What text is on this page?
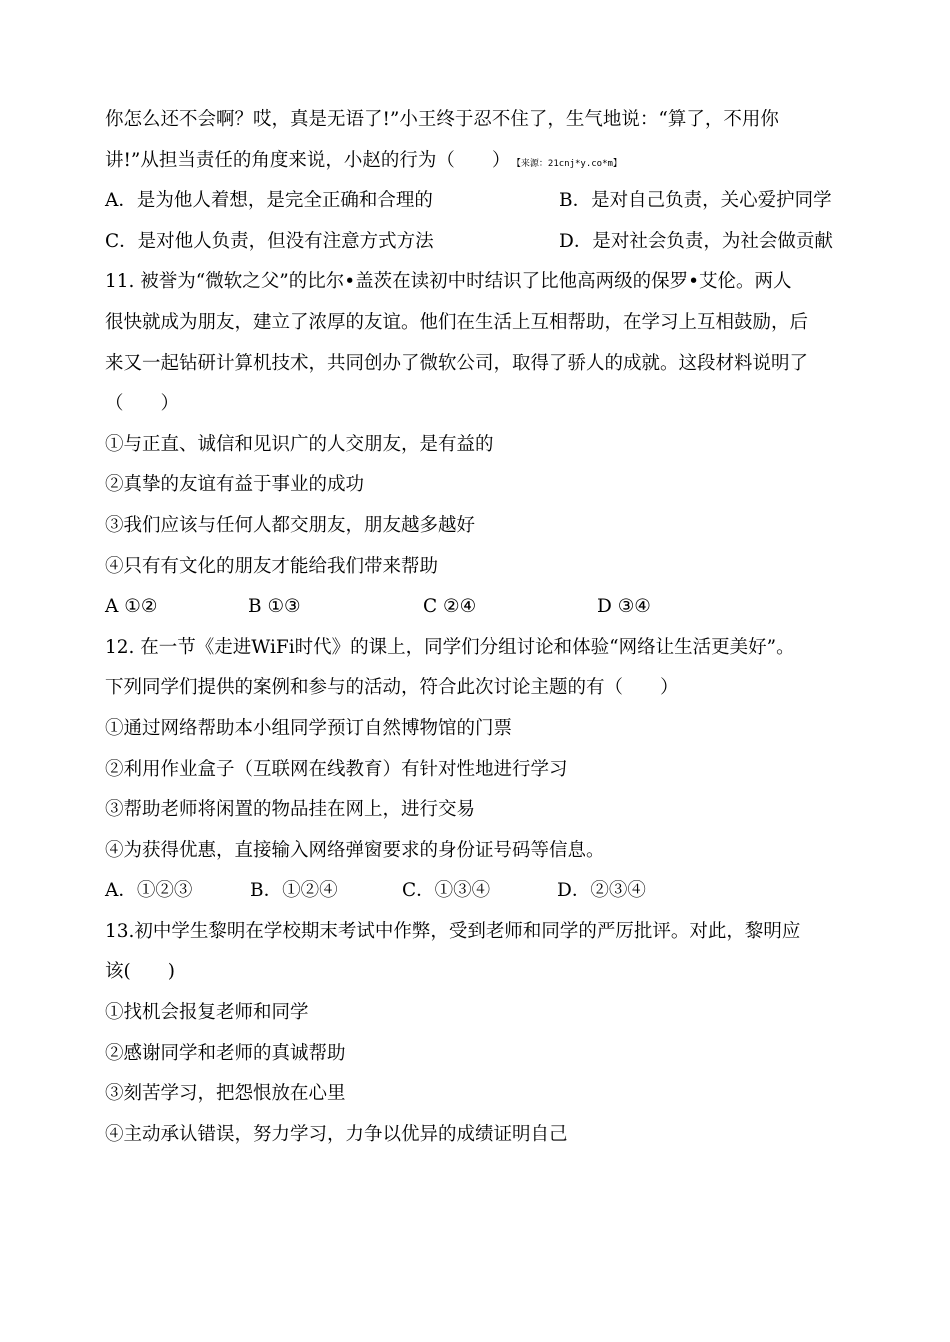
你怎么还不会啊？哎，真是无语了!”小王终于忍不住了，生气地说：“算了，不用你
讲!”从担当责任的角度来说，小赵的行为（　　） 【来源：21cnj*y.co*m】
A．是为他人着想，是完全正确和合理的	B．是对自己负责，关心爱护同学
C．是对他人负责，但没有注意方式方法	D．是对社会负责，为社会做贡献
11. 被誉为“微软之父”的比尔•盖茨在读初中时结识了比他高两级的保罗•艾伦。两人
很快就成为朋友，建立了浓厚的友谊。他们在生活上互相帮助，在学习上互相鼓励，后
来又一起钻研计算机技术，共同创办了微软公司，取得了骄人的成就。这段材料说明了
（　　）
①与正直、诚信和见识广的人交朋友，是有益的
②真挚的友谊有益于事业的成功
③我们应该与任何人都交朋友，朋友越多越好
④只有有文化的朋友才能给我们带来帮助
A ①②	B ①③	C ②④	D ③④
12. 在一节《走进WiFi时代》的课上，同学们分组讨论和体验“网络让生活更美好”。
下列同学们提供的案例和参与的活动，符合此次讨论主题的有（　　）
①通过网络帮助本小组同学预订自然博物馆的门票
②利用作业盒子（互联网在线教育）有针对性地进行学习
③帮助老师将闲置的物品挂在网上，进行交易
④为获得优惠，直接输入网络弹窗要求的身份证号码等信息。
A．①②③	B．①②④	C．①③④	D．②③④
13.初中学生黎明在学校期末考试中作弊，受到老师和同学的严厉批评。对此，黎明应
该(　　)
①找机会报复老师和同学
②感谢同学和老师的真诚帮助
③刻苦学习，把怨恨放在心里
④主动承认错误，努力学习，力争以优异的成绩证明自己
